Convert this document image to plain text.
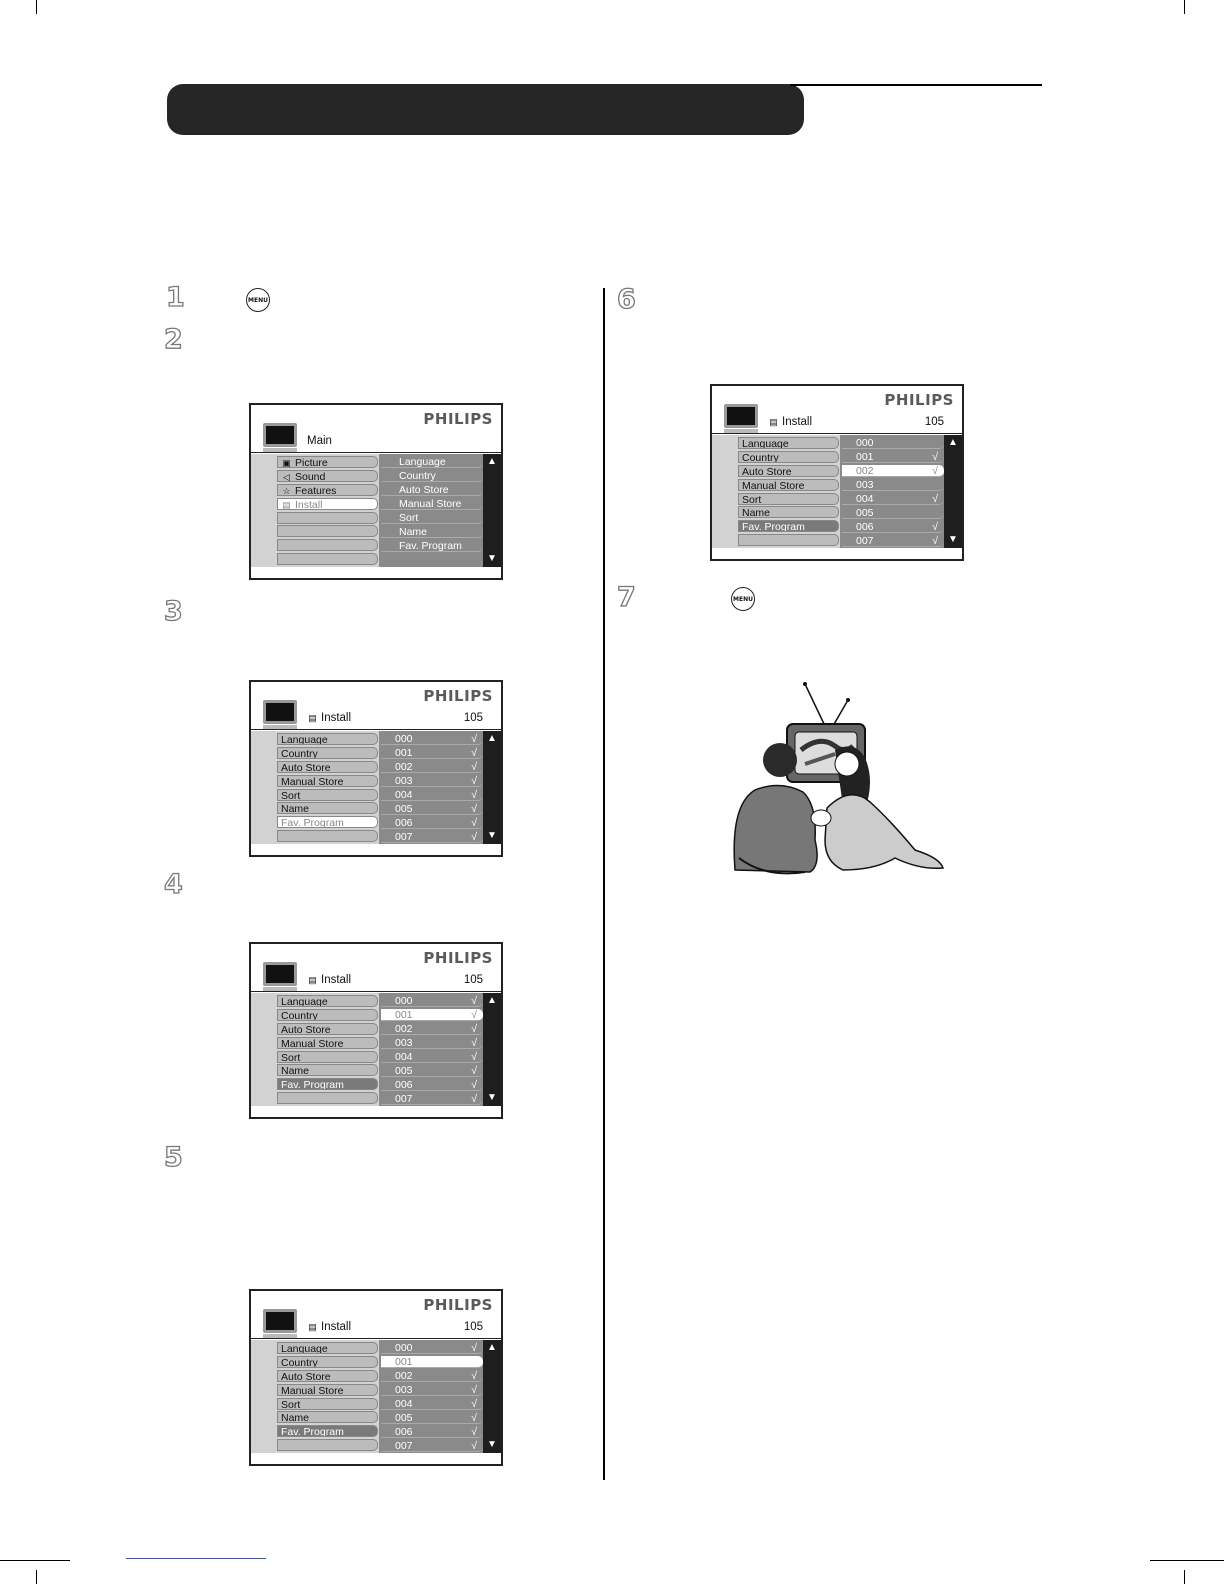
1
2
3
4
5
6
7
MENU
MENU
PHILIPS
Main
▣ Picture
◁ Sound
☆ Features
▤ Install
Language
Country
Auto Store
Manual Store
Sort
Name
Fav. Program
▲
▼
PHILIPS
▤ Install	105
Language
Country
Auto Store
Manual Store
Sort
Name
Fav. Program
000	√
001	√
002	√
003	√
004	√
005	√
006	√
007	√
▲
▼
PHILIPS
▤ Install	105
Language
Country
Auto Store
Manual Store
Sort
Name
Fav. Program
000	√
001	√
002	√
003	√
004	√
005	√
006	√
007	√
▲
▼
PHILIPS
▤ Install	105
Language
Country
Auto Store
Manual Store
Sort
Name
Fav. Program
000	√
001
002	√
003	√
004	√
005	√
006	√
007	√
▲
▼
PHILIPS
▤ Install	105
Language
Country
Auto Store
Manual Store
Sort
Name
Fav. Program
000
001	√
002	√
003
004	√
005
006	√
007	√
▲
▼
